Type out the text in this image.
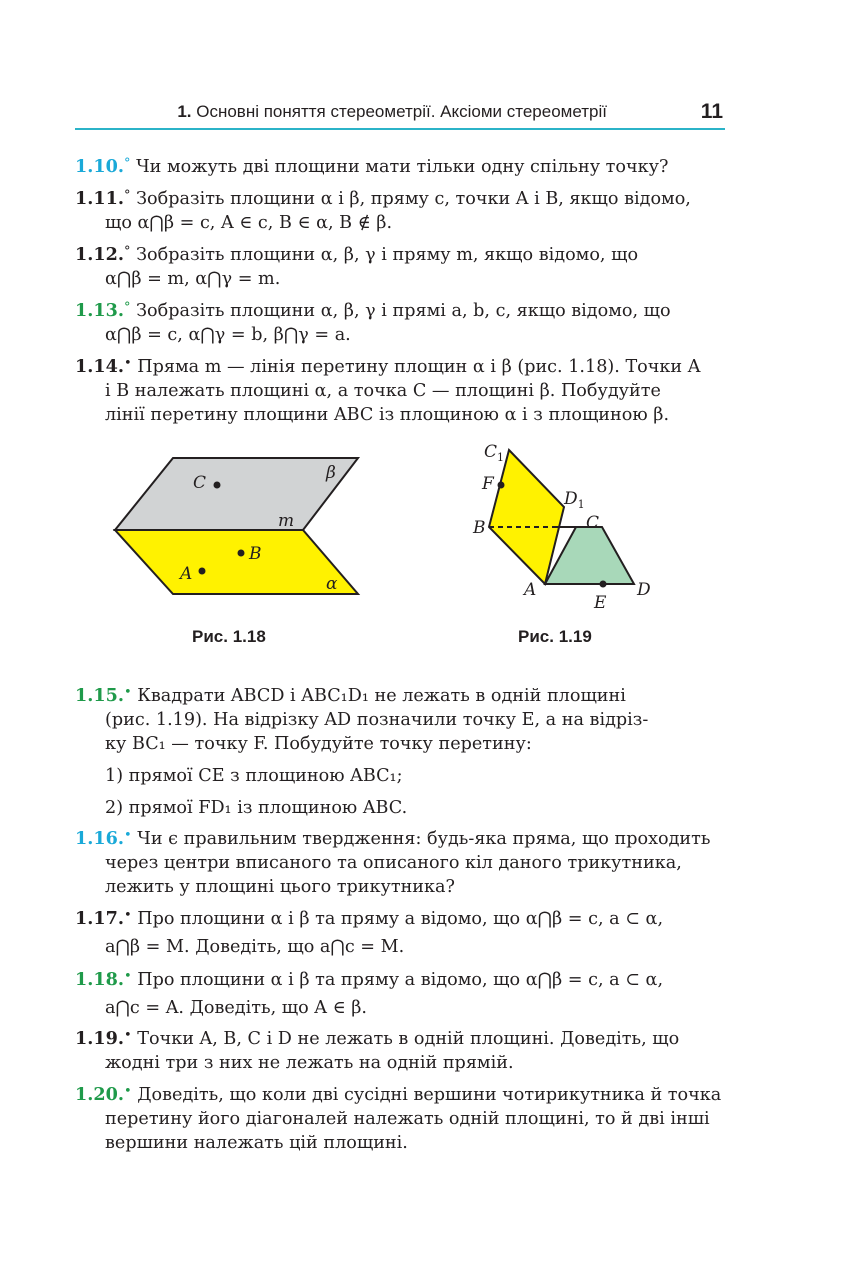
1. Основні поняття стереометрії. Аксіоми стереометрії	11
1.10.° Чи можуть дві площини мати тільки одну спільну точку?
1.11.° Зобразіть площини α і β, пряму c, точки A і B, якщо відомо,
що α⋂β = c, A ∈ c, B ∈ α, B ∉ β.
1.12.° Зобразіть площини α, β, γ і пряму m, якщо відомо, що
α⋂β = m, α⋂γ = m.
1.13.° Зобразіть площини α, β, γ і прямі a, b, c, якщо відомо, що
α⋂β = c, α⋂γ = b, β⋂γ = a.
1.14.• Пряма m — лінія перетину площин α і β (рис. 1.18). Точки A
і B належать площині α, а точка C — площині β. Побудуйте
лінії перетину площини ABC із площиною α і з площиною β.
C	β
m
B
A	α
Рис. 1.18
$C_1$
F
$D_1$
B	C
A
E
D
Рис. 1.19
1.15.• Квадрати ABCD і ABC₁D₁ не лежать в одній площині
(рис. 1.19). На відрізку AD позначили точку E, а на відріз-
ку BC₁ — точку F. Побудуйте точку перетину:
1) прямої CE з площиною ABC₁;
2) прямої FD₁ із площиною ABC.
1.16.• Чи є правильним твердження: будь-яка пряма, що проходить
через центри вписаного та описаного кіл даного трикутника,
лежить у площині цього трикутника?
1.17.• Про площини α і β та пряму a відомо, що α⋂β = c, a ⊂ α,
a⋂β = M. Доведіть, що a⋂c = M.
1.18.• Про площини α і β та пряму a відомо, що α⋂β = c, a ⊂ α,
a⋂c = A. Доведіть, що A ∈ β.
1.19.• Точки A, B, C і D не лежать в одній площині. Доведіть, що
жодні три з них не лежать на одній прямій.
1.20.• Доведіть, що коли дві сусідні вершини чотирикутника й точка
перетину його діагоналей належать одній площині, то й дві інші
вершини належать цій площині.
